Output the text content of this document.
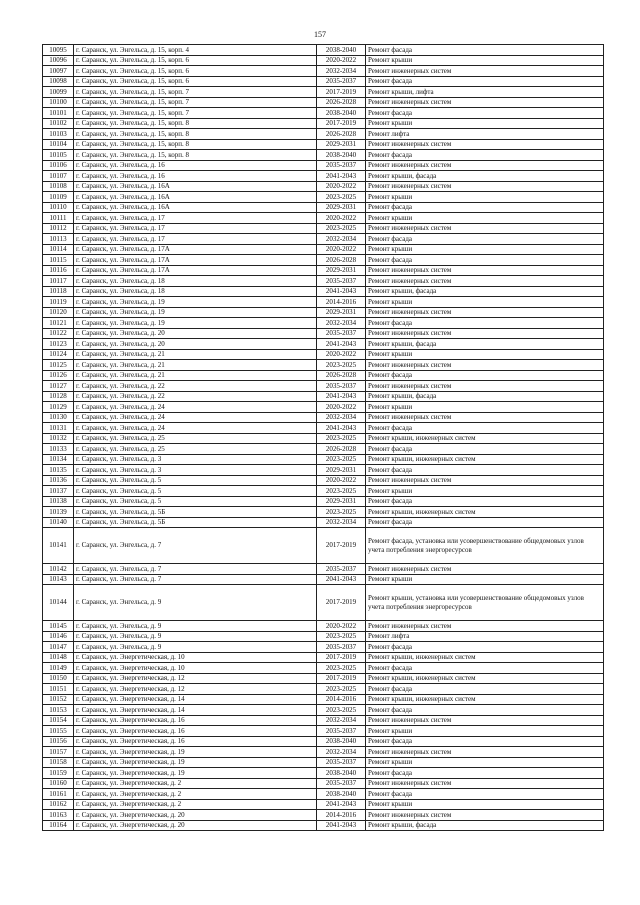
157
10095	г. Саранск, ул. Энгельса, д. 15, корп. 4	2038-2040	Ремонт фасада
10096	г. Саранск, ул. Энгельса, д. 15, корп. 6	2020-2022	Ремонт крыши
10097	г. Саранск, ул. Энгельса, д. 15, корп. 6	2032-2034	Ремонт инженерных систем
10098	г. Саранск, ул. Энгельса, д. 15, корп. 6	2035-2037	Ремонт фасада
10099	г. Саранск, ул. Энгельса, д. 15, корп. 7	2017-2019	Ремонт крыши, лифта
10100	г. Саранск, ул. Энгельса, д. 15, корп. 7	2026-2028	Ремонт инженерных систем
10101	г. Саранск, ул. Энгельса, д. 15, корп. 7	2038-2040	Ремонт фасада
10102	г. Саранск, ул. Энгельса, д. 15, корп. 8	2017-2019	Ремонт крыши
10103	г. Саранск, ул. Энгельса, д. 15, корп. 8	2026-2028	Ремонт лифта
10104	г. Саранск, ул. Энгельса, д. 15, корп. 8	2029-2031	Ремонт инженерных систем
10105	г. Саранск, ул. Энгельса, д. 15, корп. 8	2038-2040	Ремонт фасада
10106	г. Саранск, ул. Энгельса, д. 16	2035-2037	Ремонт инженерных систем
10107	г. Саранск, ул. Энгельса, д. 16	2041-2043	Ремонт крыши, фасада
10108	г. Саранск, ул. Энгельса, д. 16А	2020-2022	Ремонт инженерных систем
10109	г. Саранск, ул. Энгельса, д. 16А	2023-2025	Ремонт крыши
10110	г. Саранск, ул. Энгельса, д. 16А	2029-2031	Ремонт фасада
10111	г. Саранск, ул. Энгельса, д. 17	2020-2022	Ремонт крыши
10112	г. Саранск, ул. Энгельса, д. 17	2023-2025	Ремонт инженерных систем
10113	г. Саранск, ул. Энгельса, д. 17	2032-2034	Ремонт фасада
10114	г. Саранск, ул. Энгельса, д. 17А	2020-2022	Ремонт крыши
10115	г. Саранск, ул. Энгельса, д. 17А	2026-2028	Ремонт фасада
10116	г. Саранск, ул. Энгельса, д. 17А	2029-2031	Ремонт инженерных систем
10117	г. Саранск, ул. Энгельса, д. 18	2035-2037	Ремонт инженерных систем
10118	г. Саранск, ул. Энгельса, д. 18	2041-2043	Ремонт крыши, фасада
10119	г. Саранск, ул. Энгельса, д. 19	2014-2016	Ремонт крыши
10120	г. Саранск, ул. Энгельса, д. 19	2029-2031	Ремонт инженерных систем
10121	г. Саранск, ул. Энгельса, д. 19	2032-2034	Ремонт фасада
10122	г. Саранск, ул. Энгельса, д. 20	2035-2037	Ремонт инженерных систем
10123	г. Саранск, ул. Энгельса, д. 20	2041-2043	Ремонт крыши, фасада
10124	г. Саранск, ул. Энгельса, д. 21	2020-2022	Ремонт крыши
10125	г. Саранск, ул. Энгельса, д. 21	2023-2025	Ремонт инженерных систем
10126	г. Саранск, ул. Энгельса, д. 21	2026-2028	Ремонт фасада
10127	г. Саранск, ул. Энгельса, д. 22	2035-2037	Ремонт инженерных систем
10128	г. Саранск, ул. Энгельса, д. 22	2041-2043	Ремонт крыши, фасада
10129	г. Саранск, ул. Энгельса, д. 24	2020-2022	Ремонт крыши
10130	г. Саранск, ул. Энгельса, д. 24	2032-2034	Ремонт инженерных систем
10131	г. Саранск, ул. Энгельса, д. 24	2041-2043	Ремонт фасада
10132	г. Саранск, ул. Энгельса, д. 25	2023-2025	Ремонт крыши, инженерных систем
10133	г. Саранск, ул. Энгельса, д. 25	2026-2028	Ремонт фасада
10134	г. Саранск, ул. Энгельса, д. 3	2023-2025	Ремонт крыши, инженерных систем
10135	г. Саранск, ул. Энгельса, д. 3	2029-2031	Ремонт фасада
10136	г. Саранск, ул. Энгельса, д. 5	2020-2022	Ремонт инженерных систем
10137	г. Саранск, ул. Энгельса, д. 5	2023-2025	Ремонт крыши
10138	г. Саранск, ул. Энгельса, д. 5	2029-2031	Ремонт фасада
10139	г. Саранск, ул. Энгельса, д. 5Б	2023-2025	Ремонт крыши, инженерных систем
10140	г. Саранск, ул. Энгельса, д. 5Б	2032-2034	Ремонт фасада
10141	г. Саранск, ул. Энгельса, д. 7	2017-2019	Ремонт фасада, установка или усовершенствование общедомовых узлов учета потребления энергоресурсов
10142	г. Саранск, ул. Энгельса, д. 7	2035-2037	Ремонт инженерных систем
10143	г. Саранск, ул. Энгельса, д. 7	2041-2043	Ремонт крыши
10144	г. Саранск, ул. Энгельса, д. 9	2017-2019	Ремонт крыши, установка или усовершенствование общедомовых узлов учета потребления энергоресурсов
10145	г. Саранск, ул. Энгельса, д. 9	2020-2022	Ремонт инженерных систем
10146	г. Саранск, ул. Энгельса, д. 9	2023-2025	Ремонт лифта
10147	г. Саранск, ул. Энгельса, д. 9	2035-2037	Ремонт фасада
10148	г. Саранск, ул. Энергетическая, д. 10	2017-2019	Ремонт крыши, инженерных систем
10149	г. Саранск, ул. Энергетическая, д. 10	2023-2025	Ремонт фасада
10150	г. Саранск, ул. Энергетическая, д. 12	2017-2019	Ремонт крыши, инженерных систем
10151	г. Саранск, ул. Энергетическая, д. 12	2023-2025	Ремонт фасада
10152	г. Саранск, ул. Энергетическая, д. 14	2014-2016	Ремонт крыши, инженерных систем
10153	г. Саранск, ул. Энергетическая, д. 14	2023-2025	Ремонт фасада
10154	г. Саранск, ул. Энергетическая, д. 16	2032-2034	Ремонт инженерных систем
10155	г. Саранск, ул. Энергетическая, д. 16	2035-2037	Ремонт крыши
10156	г. Саранск, ул. Энергетическая, д. 16	2038-2040	Ремонт фасада
10157	г. Саранск, ул. Энергетическая, д. 19	2032-2034	Ремонт инженерных систем
10158	г. Саранск, ул. Энергетическая, д. 19	2035-2037	Ремонт крыши
10159	г. Саранск, ул. Энергетическая, д. 19	2038-2040	Ремонт фасада
10160	г. Саранск, ул. Энергетическая, д. 2	2035-2037	Ремонт инженерных систем
10161	г. Саранск, ул. Энергетическая, д. 2	2038-2040	Ремонт фасада
10162	г. Саранск, ул. Энергетическая, д. 2	2041-2043	Ремонт крыши
10163	г. Саранск, ул. Энергетическая, д. 20	2014-2016	Ремонт инженерных систем
10164	г. Саранск, ул. Энергетическая, д. 20	2041-2043	Ремонт крыши, фасада
